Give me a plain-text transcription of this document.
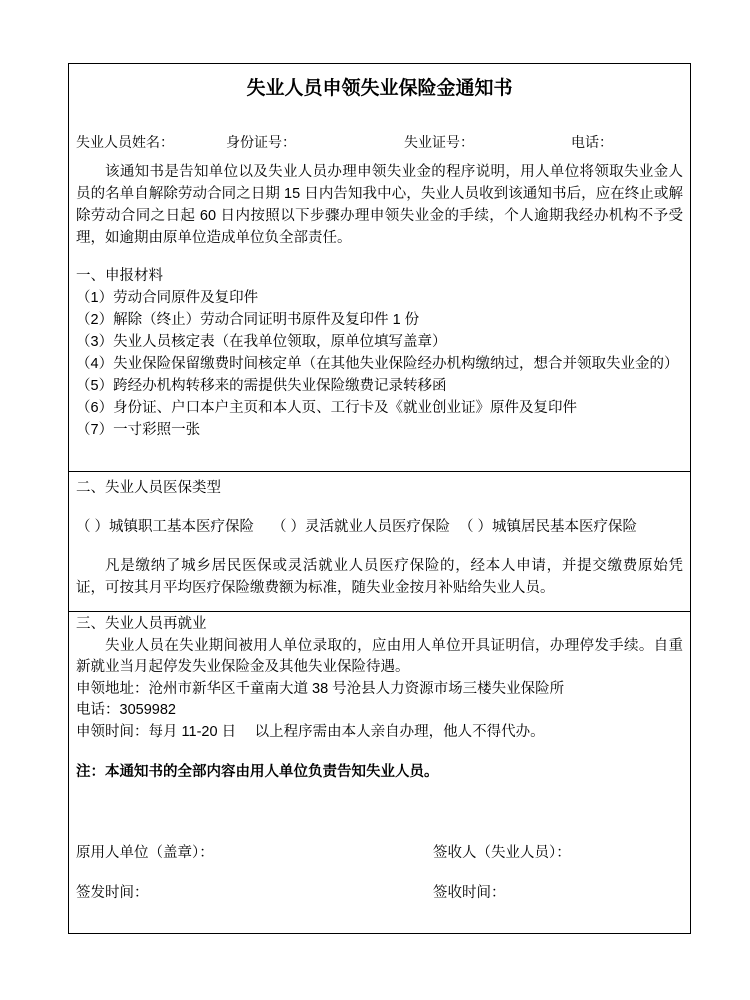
失业人员申领失业保险金通知书
失业人员姓名：	身份证号：	失业证号：	电话：

该通知书是告知单位以及失业人员办理申领失业金的程序说明，用人单位将领取失业金人员的名单自解除劳动合同之日期 15 日内告知我中心，失业人员收到该通知书后，应在终止或解除劳动合同之日起 60 日内按照以下步骤办理申领失业金的手续，个人逾期我经办机构不予受理，如逾期由原单位造成单位负全部责任。

一、申报材料
（1）劳动合同原件及复印件
（2）解除（终止）劳动合同证明书原件及复印件 1 份
（3）失业人员核定表（在我单位领取，原单位填写盖章）
（4）失业保险保留缴费时间核定单（在其他失业保险经办机构缴纳过，想合并领取失业金的）
（5）跨经办机构转移来的需提供失业保险缴费记录转移函
（6）身份证、户口本户主页和本人页、工行卡及《就业创业证》原件及复印件
（7）一寸彩照一张
二、失业人员医保类型
（ ）城镇职工基本医疗保险 （ ）灵活就业人员医疗保险 （ ）城镇居民基本医疗保险

凡是缴纳了城乡居民医保或灵活就业人员医疗保险的，经本人申请，并提交缴费原始凭证，可按其月平均医疗保险缴费额为标准，随失业金按月补贴给失业人员。

三、失业人员再就业

失业人员在失业期间被用人单位录取的，应由用人单位开具证明信，办理停发手续。自重新就业当月起停发失业保险金及其他失业保险待遇。

申领地址：沧州市新华区千童南大道 38 号沧县人力资源市场三楼失业保险所
电话：3059982
申领时间：每月 11-20 日　 以上程序需由本人亲自办理，他人不得代办。
注：本通知书的全部内容由用人单位负责告知失业人员。
原用人单位（盖章）：	签收人（失业人员）：
签发时间：	签收时间：
